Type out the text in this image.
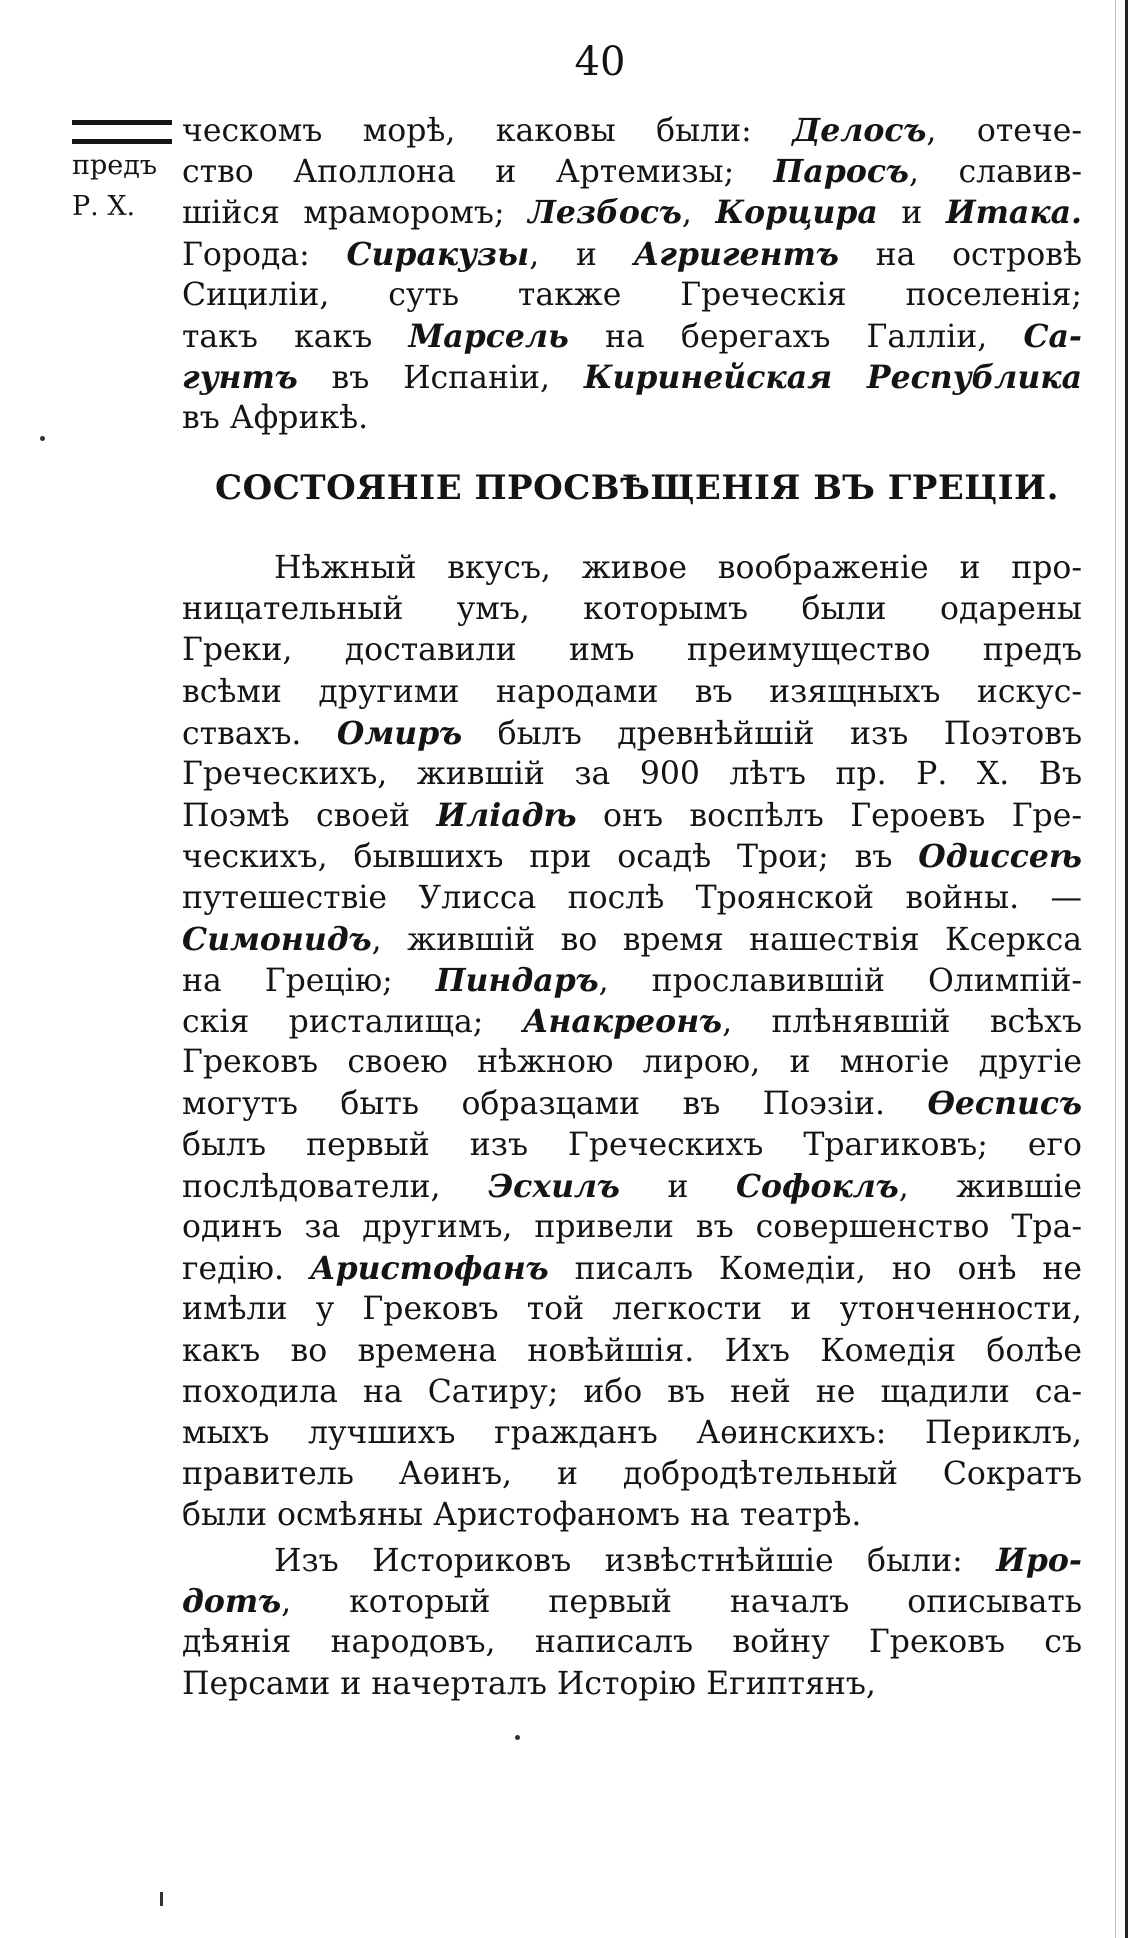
40
предъ
Р. Х.
ческомъ морѣ, каковы были: Делосъ, отече-
ство Аполлона и Артемизы; Паросъ, славив-
шійся мраморомъ; Лезбосъ, Корцира и Итака.
Города: Сиракузы, и Агригентъ на островѣ
Сициліи, суть также Греческія поселенія;
такъ какъ Марсель на берегахъ Галліи, Са-
гунтъ въ Испаніи, Киринейская Республика
въ Африкѣ.
СОСТОЯНІЕ ПРОСВѢЩЕНІЯ ВЪ ГРЕЦІИ.
Нѣжный вкусъ, живое воображеніе и про-
ницательный умъ, которымъ были одарены
Греки, доставили имъ преимущество предъ
всѣми другими народами въ изящныхъ искус-
ствахъ. Омиръ былъ древнѣйшій изъ Поэтовъ
Греческихъ, жившій за 900 лѣтъ пр. Р. Х. Въ
Поэмѣ своей Иліадѣ онъ воспѣлъ Героевъ Гре-
ческихъ, бывшихъ при осадѣ Трои; въ Одиссеѣ
путешествіе Улисса послѣ Троянской войны. —
Симонидъ, жившій во время нашествія Ксеркса
на Грецію; Пиндаръ, прославившій Олимпій-
скія ристалища; Анакреонъ, плѣнявшій всѣхъ
Грековъ своею нѣжною лирою, и многіе другіе
могутъ быть образцами въ Поэзіи. Ѳесписъ
былъ первый изъ Греческихъ Трагиковъ; его
послѣдователи, Эсхилъ и Софоклъ, жившіе
одинъ за другимъ, привели въ совершенство Тра-
гедію. Аристофанъ писалъ Комедіи, но онѣ не
имѣли у Грековъ той легкости и утонченности,
какъ во времена новѣйшія. Ихъ Комедія болѣе
походила на Сатиру; ибо въ ней не щадили са-
мыхъ лучшихъ гражданъ Аѳинскихъ: Периклъ,
правитель Аѳинъ, и добродѣтельный Сократъ
были осмѣяны Аристофаномъ на театрѣ.
Изъ Историковъ извѣстнѣйшіе были: Иро-
дотъ, который первый началъ описывать
дѣянія народовъ, написалъ войну Грековъ съ
Персами и начерталъ Исторію Египтянъ,
